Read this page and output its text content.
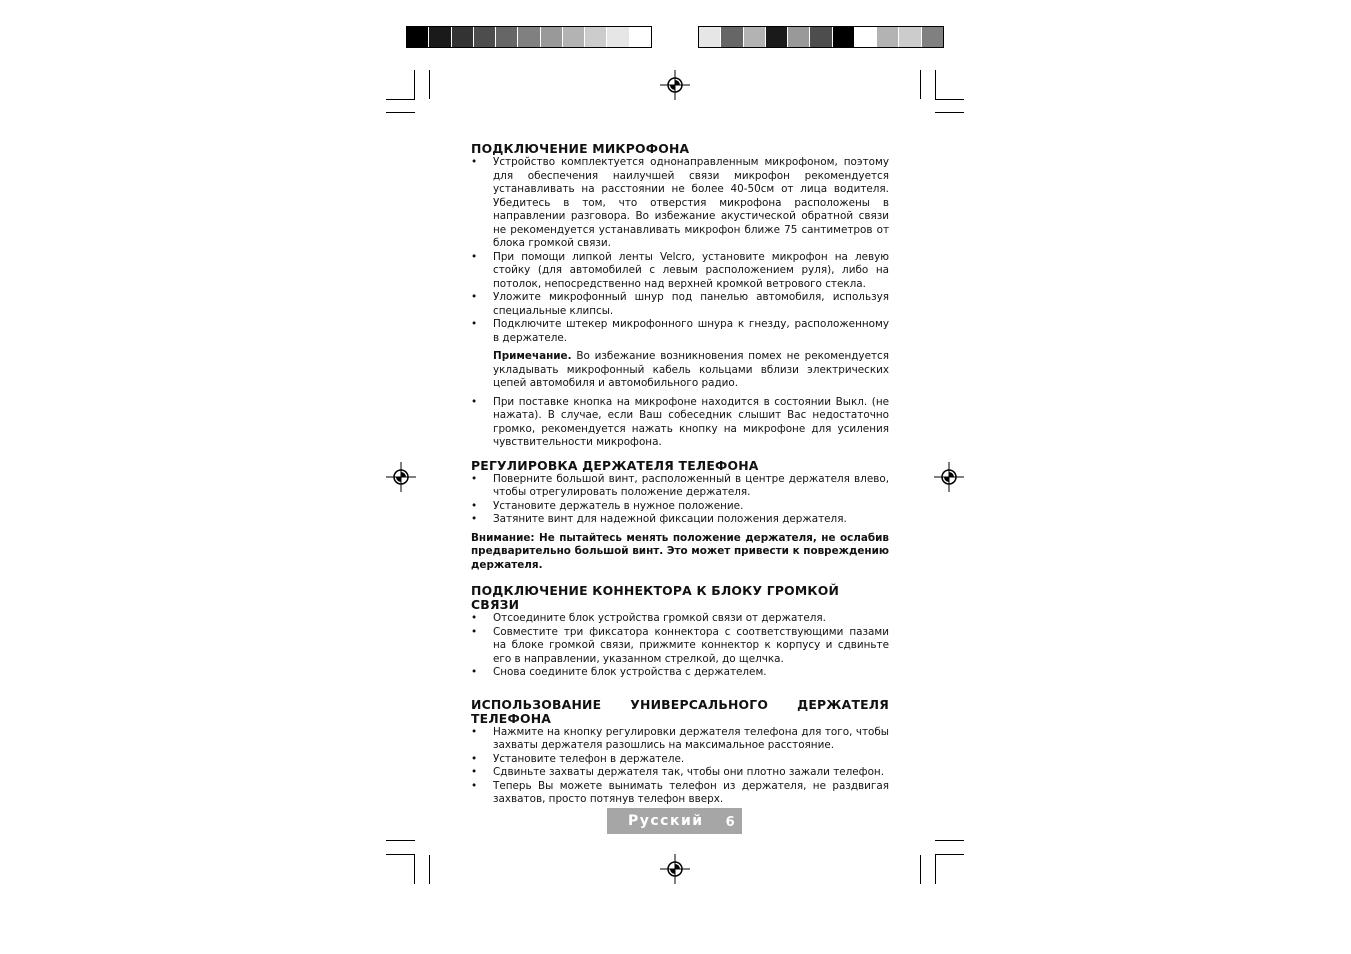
ПОДКЛЮЧЕНИЕ МИКРОФОНА
• Устройство комплектуется однонаправленным микрофоном, поэтому для обеспечения наилучшей связи микрофон рекомендуется устанавливать на расстоянии не более 40-50см от лица водителя. Убедитесь в том, что отверстия микрофона расположены в направлении разговора. Во избежание акустической обратной связи не рекомендуется устанавливать микрофон ближе 75 сантиметров от блока громкой связи.
• При помощи липкой ленты Velcro, установите микрофон на левую стойку (для автомобилей с левым расположением руля), либо на потолок, непосредственно над верхней кромкой ветрового стекла.
• Уложите микрофонный шнур под панелью автомобиля, используя специальные клипсы.
• Подключите штекер микрофонного шнура к гнезду, расположенному в держателе.

Примечание. Во избежание возникновения помех не рекомендуется укладывать микрофонный кабель кольцами вблизи электрических цепей автомобиля и автомобильного радио.

• При поставке кнопка на микрофоне находится в состоянии Выкл. (не нажата). В случае, если Ваш собеседник слышит Вас недостаточно громко, рекомендуется нажать кнопку на микрофоне для усиления чувствительности микрофона.
РЕГУЛИРОВКА ДЕРЖАТЕЛЯ ТЕЛЕФОНА
• Поверните большой винт, расположенный в центре держателя влево, чтобы отрегулировать положение держателя.
• Установите держатель в нужное положение.
• Затяните винт для надежной фиксации положения держателя.

Внимание: Не пытайтесь менять положение держателя, не ослабив предварительно большой винт. Это может привести к повреждению держателя.

ПОДКЛЮЧЕНИЕ КОННЕКТОРА К БЛОКУ ГРОМКОЙ СВЯЗИ
• Отсоедините блок устройства громкой связи от держателя.
• Совместите три фиксатора коннектора с соответствующими пазами на блоке громкой связи, прижмите коннектор к корпусу и сдвиньте его в направлении, указанном стрелкой, до щелчка.
• Снова соедините блок устройства с держателем.
ИСПОЛЬЗОВАНИЕ УНИВЕРСАЛЬНОГО ДЕРЖАТЕЛЯ ТЕЛЕФОНА
• Нажмите на кнопку регулировки держателя телефона для того, чтобы захваты держателя разошлись на максимальное расстояние.
• Установите телефон в держателе.
• Сдвиньте захваты держателя так, чтобы они плотно зажали телефон.
• Теперь Вы можете вынимать телефон из держателя, не раздвигая захватов, просто потянув телефон вверх.
Русский 6
